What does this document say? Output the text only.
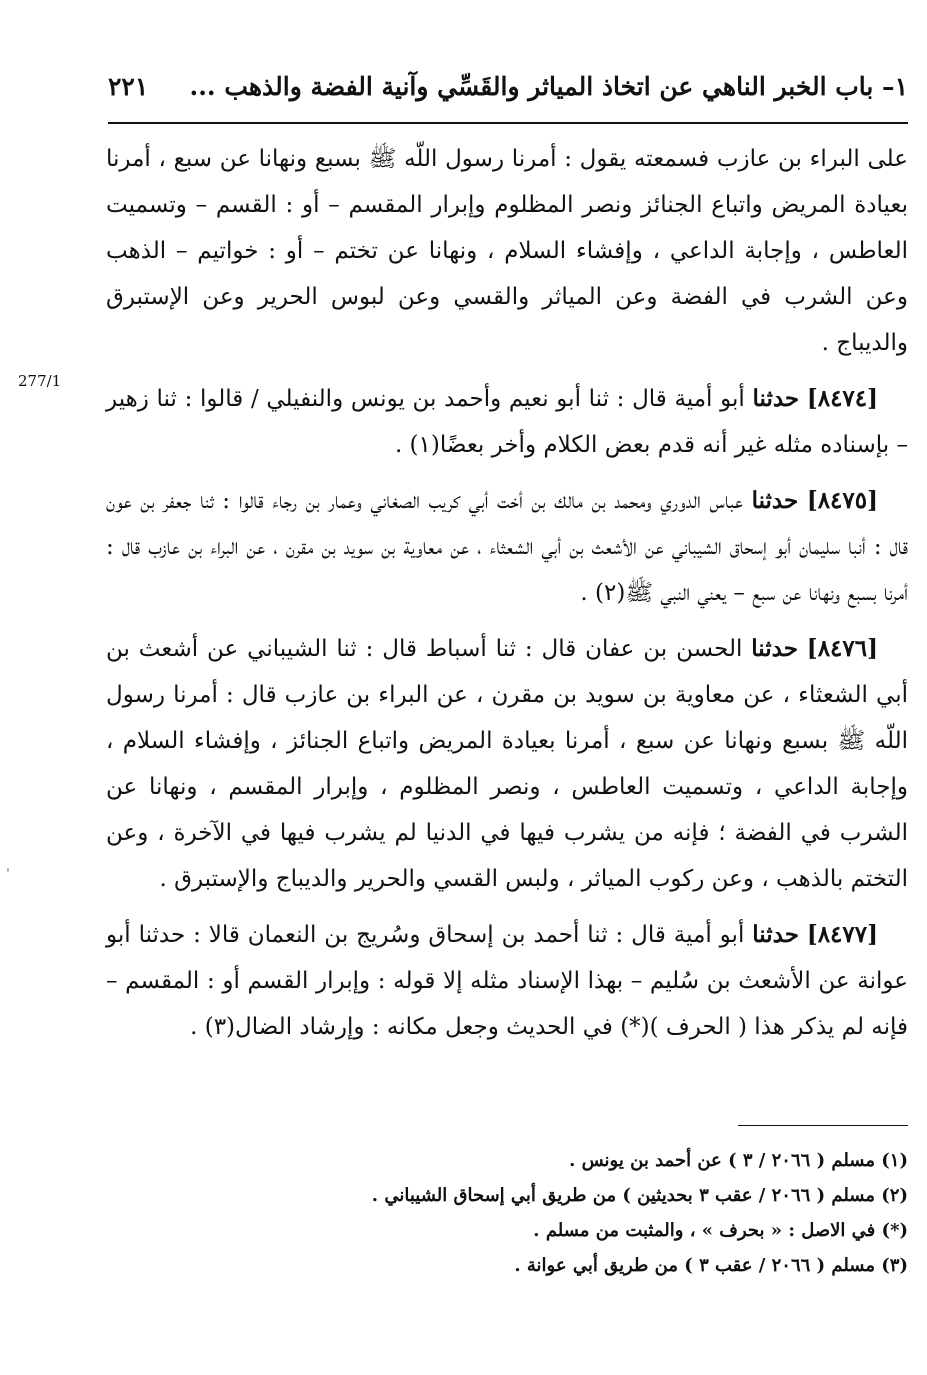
١– باب الخبر الناهي عن اتخاذ المياثر والقَسِّي وآنية الفضة والذهب ...
٢٢١
277/1
ˌ

على البراء بن عازب فسمعته يقول : أمرنا رسول اللّه ﷺ بسبع ونهانا عن سبع ، أمرنا بعيادة المريض واتباع الجنائز ونصر المظلوم وإبرار المقسم – أو : القسم – وتسميت العاطس ، وإجابة الداعي ، وإفشاء السلام ، ونهانا عن تختم – أو : خواتيم – الذهب وعن الشرب في الفضة وعن المياثر والقسي وعن لبوس الحرير وعن الإستبرق والديباج .

[٨٤٧٤] حدثنا أبو أمية قال : ثنا أبو نعيم وأحمد بن يونس والنفيلي / قالوا : ثنا زهير – بإسناده مثله غير أنه قدم بعض الكلام وأخر بعضًا(١) .

[٨٤٧٥] حدثنا عباس الدوري ومحمد بن مالك بن أخت أبي كريب الصغاني وعمار بن رجاء قالوا : ثنا جعفر بن عون قال : أنبا سليمان أبو إسحاق الشيباني عن الأشعث بن أبي الشعثاء ، عن معاوية بن سويد بن مقرن ، عن البراء بن عازب قال : أمرنا بسبع ونهانا عن سبع – يعني النبي ﷺ(٢) .

[٨٤٧٦] حدثنا الحسن بن عفان قال : ثنا أسباط قال : ثنا الشيباني عن أشعث بن أبي الشعثاء ، عن معاوية بن سويد بن مقرن ، عن البراء بن عازب قال : أمرنا رسول اللّه ﷺ بسبع ونهانا عن سبع ، أمرنا بعيادة المريض واتباع الجنائز ، وإفشاء السلام ، وإجابة الداعي ، وتسميت العاطس ، ونصر المظلوم ، وإبرار المقسم ، ونهانا عن الشرب في الفضة ؛ فإنه من يشرب فيها في الدنيا لم يشرب فيها في الآخرة ، وعن التختم بالذهب ، وعن ركوب المياثر ، ولبس القسي والحرير والديباج والإستبرق .

[٨٤٧٧] حدثنا أبو أمية قال : ثنا أحمد بن إسحاق وسُريج بن النعمان قالا : حدثنا أبو عوانة عن الأشعث بن سُليم – بهذا الإسناد مثله إلا قوله : وإبرار القسم أو : المقسم – فإنه لم يذكر هذا ( الحرف )(*) في الحديث وجعل مكانه : وإرشاد الضال(٣) .

(١) مسلم ( ٢٠٦٦ / ٣ ) عن أحمد بن يونس .

(٢) مسلم ( ٢٠٦٦ / عقب ٣ بحديثين ) من طريق أبي إسحاق الشيباني .

(*) في الاصل : « بحرف » ، والمثبت من مسلم .

(٣) مسلم ( ٢٠٦٦ / عقب ٣ ) من طريق أبي عوانة .
